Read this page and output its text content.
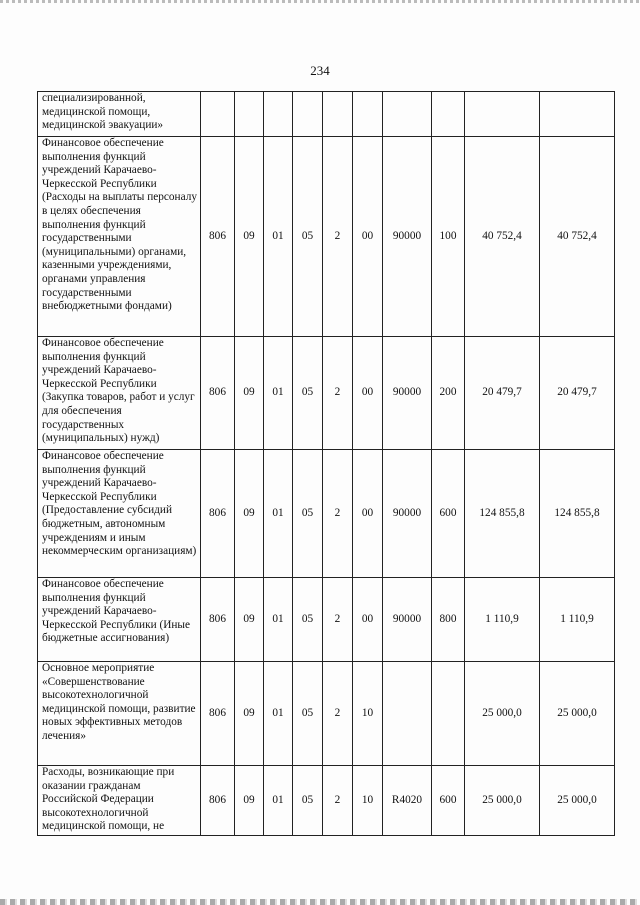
234
специализированной, медицинской помощи, медицинской эвакуации»										
Финансовое обеспечение выполнения функций учреждений Карачаево-Черкесской Республики (Расходы на выплаты персоналу в целях обеспечения выполнения функций государственными (муниципальными) органами, казенными учреждениями, органами управления государственными внебюджетными фондами)	806	09	01	05	2	00	90000	100	40 752,4	40 752,4
Финансовое обеспечение выполнения функций учреждений Карачаево-Черкесской Республики (Закупка товаров, работ и услуг для обеспечения государственных (муниципальных) нужд)	806	09	01	05	2	00	90000	200	20 479,7	20 479,7
Финансовое обеспечение выполнения функций учреждений Карачаево-Черкесской Республики (Предоставление субсидий бюджетным, автономным учреждениям и иным некоммерческим организациям)	806	09	01	05	2	00	90000	600	124 855,8	124 855,8
Финансовое обеспечение выполнения функций учреждений Карачаево-Черкесской Республики (Иные бюджетные ассигнования)	806	09	01	05	2	00	90000	800	1 110,9	1 110,9
Основное мероприятие «Совершенствование высокотехнологичной медицинской помощи, развитие новых эффективных методов лечения»	806	09	01	05	2	10			25 000,0	25 000,0
Расходы, возникающие при оказании гражданам Российской Федерации высокотехнологичной медицинской помощи, не	806	09	01	05	2	10	R4020	600	25 000,0	25 000,0
